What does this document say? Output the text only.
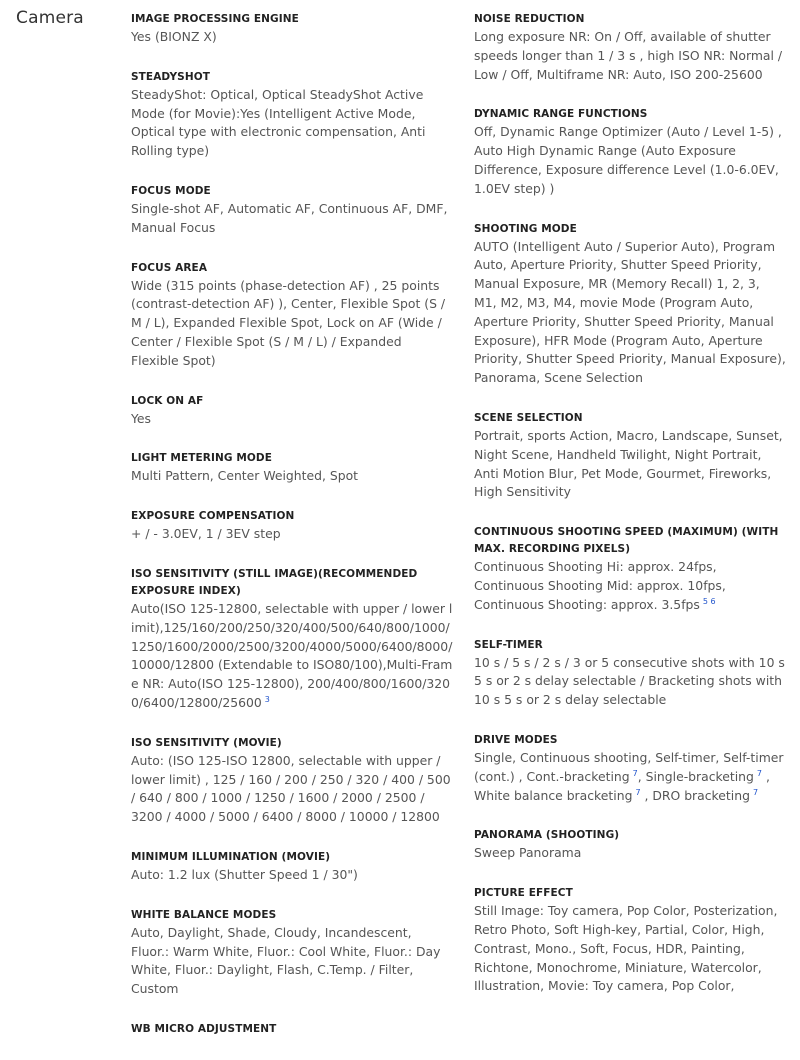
Camera	IMAGE PROCESSING ENGINE
Yes (BIONZ X)
STEADYSHOT
SteadyShot: Optical, Optical SteadyShot Active Mode (for Movie):Yes (Intelligent Active Mode, Optical type with electronic compensation, Anti Rolling type)
FOCUS MODE
Single-shot AF, Automatic AF, Continuous AF, DMF, Manual Focus
FOCUS AREA
Wide (315 points (phase-detection AF) , 25 points (contrast-detection AF) ), Center, Flexible Spot (S / M / L), Expanded Flexible Spot, Lock on AF (Wide / Center / Flexible Spot (S / M / L) / Expanded Flexible Spot)
LOCK ON AF
Yes
LIGHT METERING MODE
Multi Pattern, Center Weighted, Spot
EXPOSURE COMPENSATION
+ / - 3.0EV, 1 / 3EV step
ISO SENSITIVITY (STILL IMAGE)(RECOMMENDED EXPOSURE INDEX)
Auto(ISO 125-12800, selectable with upper / lower limit),125/160/200/250/320/400/500/640/800/1000/1250/1600/2000/2500/3200/4000/5000/6400/8000/10000/12800 (Extendable to ISO80/100),Multi-Frame NR: Auto(ISO 125-12800), 200/400/800/1600/3200/6400/12800/25600 $^3$
ISO SENSITIVITY (MOVIE)
Auto: (ISO 125-ISO 12800, selectable with upper / lower limit) , 125 / 160 / 200 / 250 / 320 / 400 / 500 / 640 / 800 / 1000 / 1250 / 1600 / 2000 / 2500 / 3200 / 4000 / 5000 / 6400 / 8000 / 10000 / 12800
MINIMUM ILLUMINATION (MOVIE)
Auto: 1.2 lux (Shutter Speed 1 / 30")
WHITE BALANCE MODES
Auto, Daylight, Shade, Cloudy, Incandescent, Fluor.: Warm White, Fluor.: Cool White, Fluor.: Day White, Fluor.: Daylight, Flash, C.Temp. / Filter, Custom
WB MICRO ADJUSTMENT
NOISE REDUCTION
Long exposure NR: On / Off, available of shutter speeds longer than 1 / 3 s , high ISO NR: Normal / Low / Off, Multiframe NR: Auto, ISO 200-25600
DYNAMIC RANGE FUNCTIONS
Off, Dynamic Range Optimizer (Auto / Level 1-5) , Auto High Dynamic Range (Auto Exposure Difference, Exposure difference Level (1.0-6.0EV, 1.0EV step) )
SHOOTING MODE
AUTO (Intelligent Auto / Superior Auto), Program Auto, Aperture Priority, Shutter Speed Priority, Manual Exposure, MR (Memory Recall) 1, 2, 3, M1, M2, M3, M4, movie Mode (Program Auto, Aperture Priority, Shutter Speed Priority, Manual Exposure), HFR Mode (Program Auto, Aperture Priority, Shutter Speed Priority, Manual Exposure), Panorama, Scene Selection
SCENE SELECTION
Portrait, sports Action, Macro, Landscape, Sunset, Night Scene, Handheld Twilight, Night Portrait, Anti Motion Blur, Pet Mode, Gourmet, Fireworks, High Sensitivity
CONTINUOUS SHOOTING SPEED (MAXIMUM) (WITH MAX. RECORDING PIXELS)
Continuous Shooting Hi: approx. 24fps, Continuous Shooting Mid: approx. 10fps, Continuous Shooting: approx. 3.5fps $^{5 6}$
SELF-TIMER
10 s / 5 s / 2 s / 3 or 5 consecutive shots with 10 s 5 s or 2 s delay selectable / Bracketing shots with 10 s 5 s or 2 s delay selectable
DRIVE MODES
Single, Continuous shooting, Self-timer, Self-timer (cont.) , Cont.-bracketing $^7$, Single-bracketing $^7$ , White balance bracketing $^7$ , DRO bracketing $^7$
PANORAMA (SHOOTING)
Sweep Panorama
PICTURE EFFECT
Still Image: Toy camera, Pop Color, Posterization, Retro Photo, Soft High-key, Partial, Color, High, Contrast, Mono., Soft, Focus, HDR, Painting, Richtone, Monochrome, Miniature, Watercolor, Illustration, Movie: Toy camera, Pop Color,
